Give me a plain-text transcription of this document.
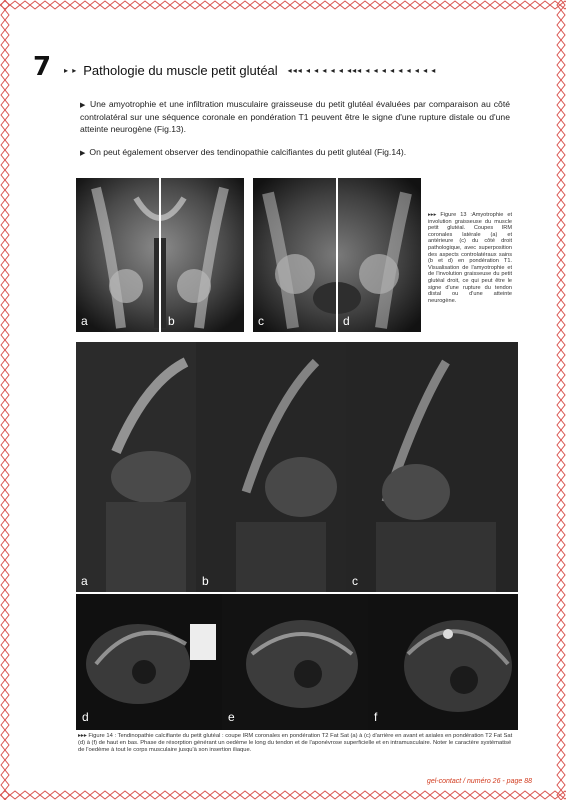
7 ▸ ▸ Pathologie du muscle petit glutéal ◂◂◂ ◂ ◂ ◂ ◂ ◂ ◂◂◂ ◂ ◂ ◂ ◂ ◂ ◂ ◂ ◂ ◂
▶ Une amyotrophie et une infiltration musculaire graisseuse du petit glutéal évaluées par comparaison au côté controlatéral sur une séquence coronale en pondération T1 peuvent être le signe d'une rupture distale ou d'une atteinte neurogène (Fig.13).
▶ On peut également observer des tendinopathie calcifiantes du petit glutéal (Fig.14).
a	b	c	d
▸▸▸ Figure 13 :Amyotrophie et involution graisseuse du muscle petit glutéal. Coupes IRM coronales latérale (a) et antérieure (c) du côté droit pathologique, avec superposition des aspects controlatéraux sains (b et d) en pondération T1. Visualisation de l'amyotrophie et de l'involution graisseuse du petit glutéal droit, ce qui peut être le signe d'une rupture du tendon distal ou d'une atteinte neurogène.
a	b	c
d	e	f
▸▸▸ Figure 14 : Tendinopathie calcifiante du petit glutéal : coupe IRM coronales en pondération T2 Fat Sat (a) à (c) d'arrière en avant et axiales en pondération T2 Fat Sat (d) à (f) de haut en bas. Phase de résorption générant un oedème le long du tendon et de l'aponévrose superficielle et en intramusculaire. Noter le caractère systématisé de l'oedème à tout le corps musculaire jusqu'à son insertion iliaque.
gel-contact / numéro 26 - page 88
